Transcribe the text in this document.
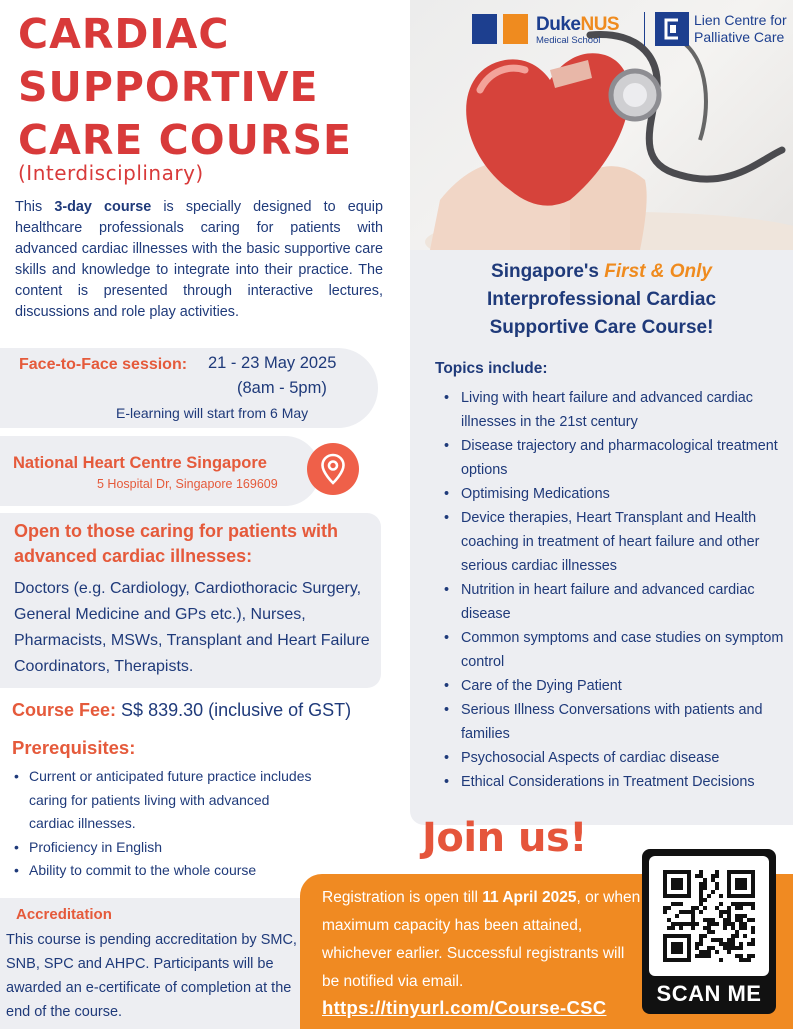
CARDIAC
SUPPORTIVE
CARE COURSE
(Interdisciplinary)
This 3-day course is specially designed to equip healthcare professionals caring for patients with advanced cardiac illnesses with the basic supportive care skills and knowledge to integrate into their practice. The content is presented through interactive lectures, discussions and role play activities.
Face-to-Face session: 21 - 23 May 2025
(8am - 5pm)
E-learning will start from 6 May
National Heart Centre Singapore
5 Hospital Dr, Singapore 169609
Open to those caring for patients with advanced cardiac illnesses:
Doctors (e.g. Cardiology, Cardiothoracic Surgery, General Medicine and GPs etc.), Nurses, Pharmacists, MSWs, Transplant and Heart Failure Coordinators, Therapists.
Course Fee: S$ 839.30 (inclusive of GST)
Prerequisites:
• Current or anticipated future practice includes caring for patients living with advanced cardiac illnesses.
• Proficiency in English
• Ability to commit to the whole course
Accreditation
This course is pending accreditation by SMC, SNB, SPC and AHPC. Participants will be awarded an e-certificate of completion at the end of the course.
DukeNUS
Medical School
Lien Centre for
Palliative Care
Singapore's First & Only
Interprofessional Cardiac
Supportive Care Course!
Topics include:
• Living with heart failure and advanced cardiac illnesses in the 21st century
• Disease trajectory and pharmacological treatment options
• Optimising Medications
• Device therapies, Heart Transplant and Health coaching in treatment of heart failure and other serious cardiac illnesses
• Nutrition in heart failure and advanced cardiac disease
• Common symptoms and case studies on symptom control
• Care of the Dying Patient
• Serious Illness Conversations with patients and families
• Psychosocial Aspects of cardiac disease
• Ethical Considerations in Treatment Decisions
Join us!
Registration is open till 11 April 2025, or when maximum capacity has been attained, whichever earlier. Successful registrants will be notified via email.
https://tinyurl.com/Course-CSC
SCAN ME
